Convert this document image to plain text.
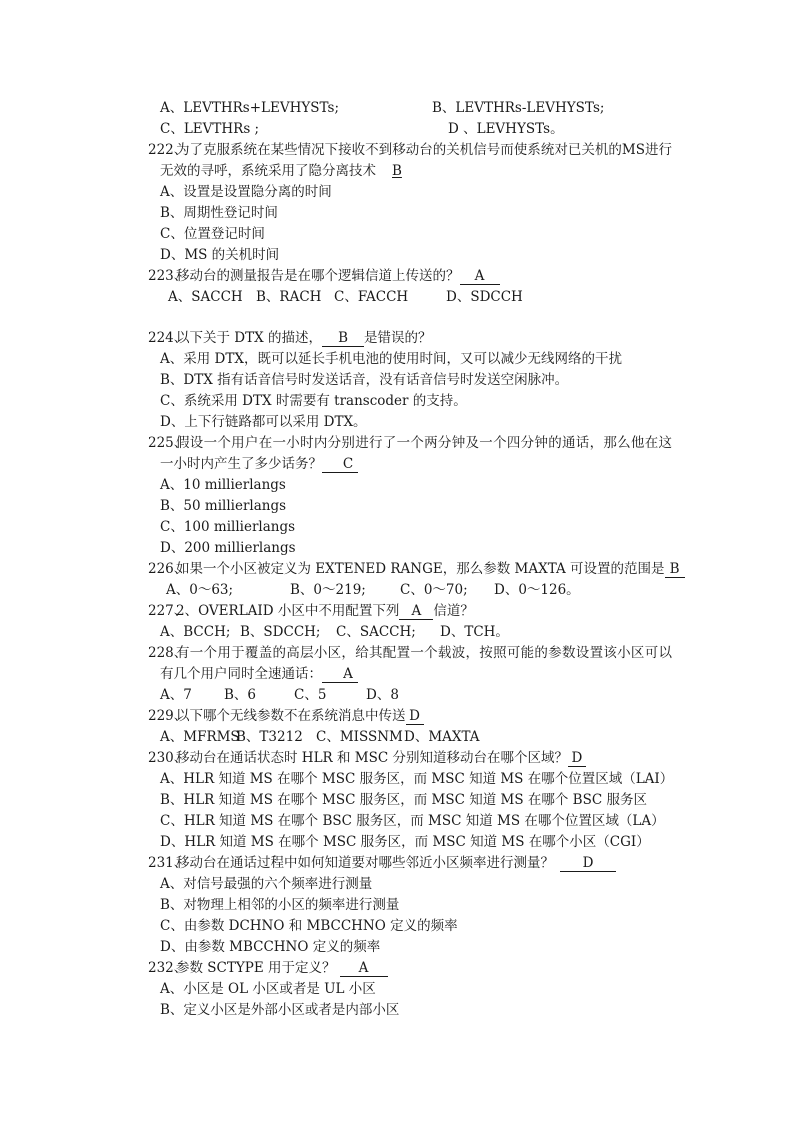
A、LEVTHRs+LEVHYSTs;	B、LEVTHRs-LEVHYSTs;
C、LEVTHRs ;	D 、LEVHYSTs。
222、
为了克服系统在某些情况下接收不到移动台的关机信号而使系统对已关机的MS进行无效的寻呼，系统采用了隐分离技术 B
A、设置是设置隐分离的时间
B、周期性登记时间
C、位置登记时间
D、MS 的关机时间
223、
移动台的测量报告是在哪个逻辑信道上传送的？ A
A、SACCH B、RACH C、FACCH	D、SDCCH
224、
以下关于 DTX 的描述， B 是错误的？
A、采用 DTX，既可以延长手机电池的使用时间，又可以减少无线网络的干扰
B、DTX 指有话音信号时发送话音，没有话音信号时发送空闲脉冲。
C、系统采用 DTX 时需要有 transcoder 的支持。
D、上下行链路都可以采用 DTX。
225、
假设一个用户在一小时内分别进行了一个两分钟及一个四分钟的通话，那么他在这一小时内产生了多少话务？ C
A、10 millierlangs
B、50 millierlangs
C、100 millierlangs
D、200 millierlangs
226、
如果一个小区被定义为 EXTENED RANGE，那么参数 MAXTA 可设置的范围是 B
A、0～63;	B、0～219;	C、0～70; D、0～126。
227、
2、OVERLAID 小区中不用配置下列 A 信道？
A、BCCH; B、SDCCH; C、SACCH; D、TCH。
228、
有一个用于覆盖的高层小区，给其配置一个载波，按照可能的参数设置该小区可以有几个用户同时全速通话： A
A、7 B、6	C、5	D、8
229、
以下哪个无线参数不在系统消息中传送 D
A、MFRMS
B、T3212 C、MISSNM D、MAXTA
230、
移动台在通话状态时 HLR 和 MSC 分别知道移动台在哪个区域？ D
A、HLR 知道 MS 在哪个 MSC 服务区，而 MSC 知道 MS 在哪个位置区域（LAI）
B、HLR 知道 MS 在哪个 MSC 服务区，而 MSC 知道 MS 在哪个 BSC 服务区
C、HLR 知道 MS 在哪个 BSC 服务区，而 MSC 知道 MS 在哪个位置区域（LA）
D、HLR 知道 MS 在哪个 MSC 服务区，而 MSC 知道 MS 在哪个小区（CGI）
231、
移动台在通话过程中如何知道要对哪些邻近小区频率进行测量？ D
A、对信号最强的六个频率进行测量
B、对物理上相邻的小区的频率进行测量
C、由参数 DCHNO 和 MBCCHNO 定义的频率
D、由参数 MBCCHNO 定义的频率
232、
参数 SCTYPE 用于定义？ A
A、小区是 OL 小区或者是 UL 小区
B、定义小区是外部小区或者是内部小区
